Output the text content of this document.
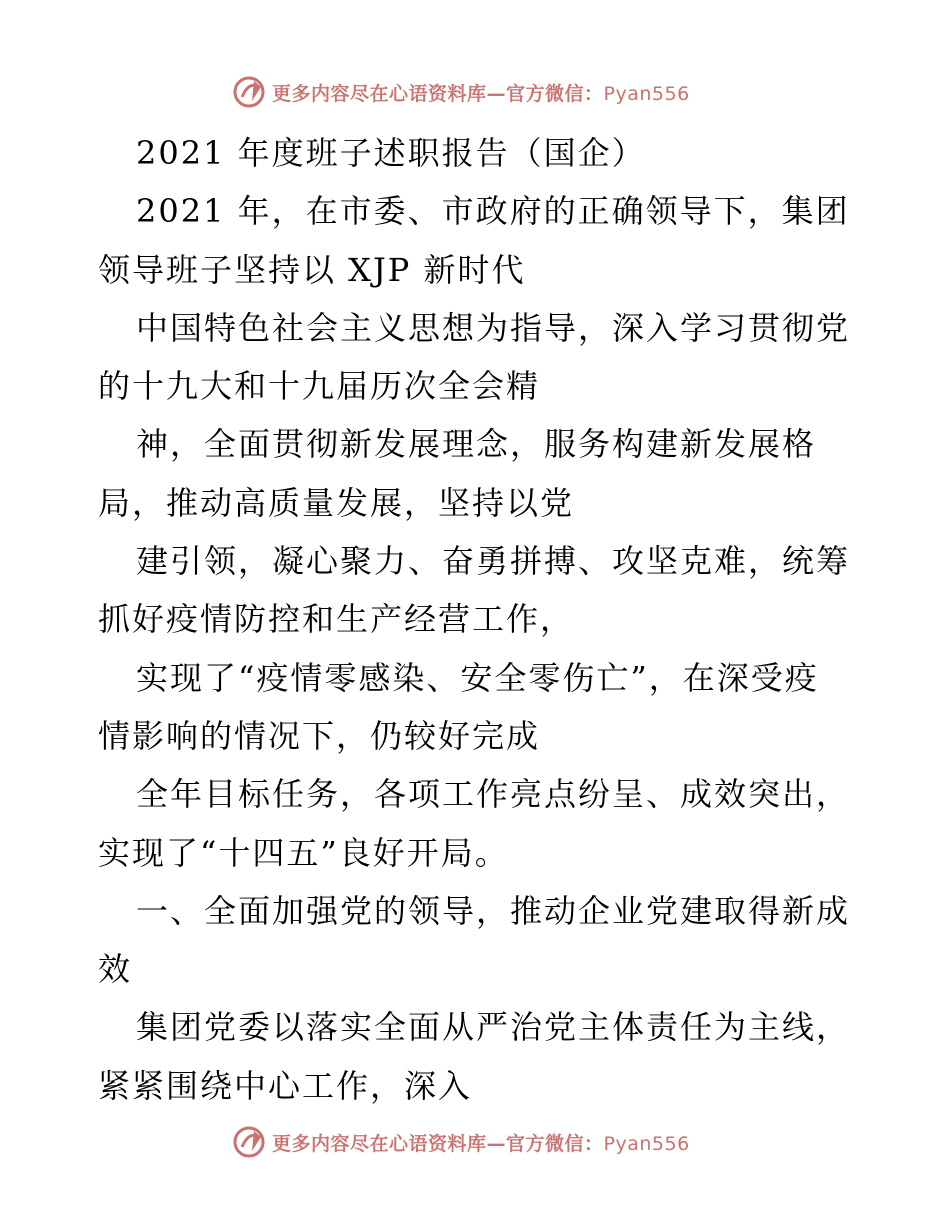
更多内容尽在心语资料库—官方微信：Pyan556
2021 年度班子述职报告（国企）
2021 年，在市委、市政府的正确领导下，集团
领导班子坚持以 XJP 新时代
中国特色社会主义思想为指导，深入学习贯彻党
的十九大和十九届历次全会精
神，全面贯彻新发展理念，服务构建新发展格
局，推动高质量发展，坚持以党
建引领，凝心聚力、奋勇拼搏、攻坚克难，统筹
抓好疫情防控和生产经营工作，
实现了“疫情零感染、安全零伤亡”，在深受疫
情影响的情况下，仍较好完成
全年目标任务，各项工作亮点纷呈、成效突出，
实现了“十四五”良好开局。
一、全面加强党的领导，推动企业党建取得新成
效
集团党委以落实全面从严治党主体责任为主线，
紧紧围绕中心工作，深入
更多内容尽在心语资料库—官方微信：Pyan556
